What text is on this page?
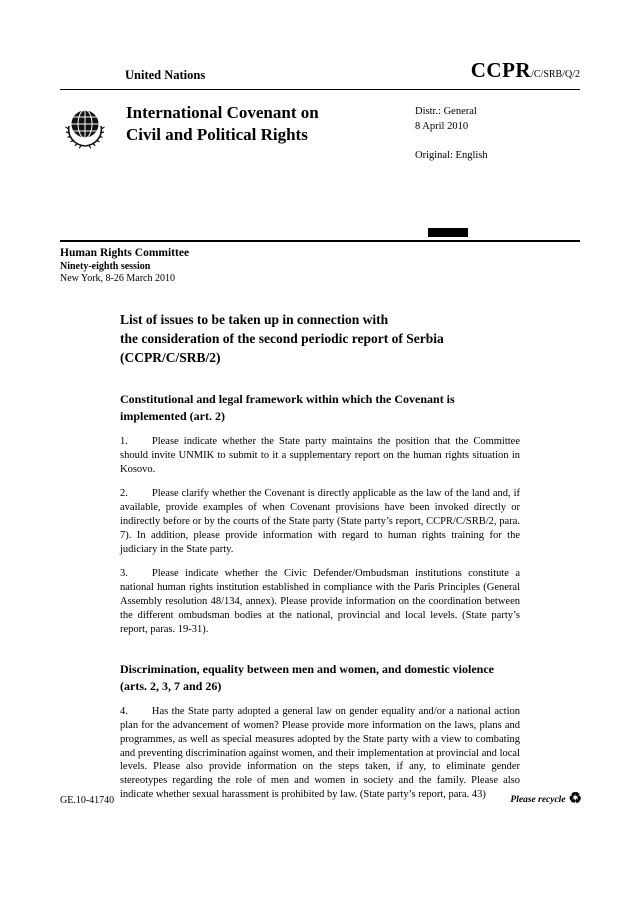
United Nations	CCPR/C/SRB/Q/2
International Covenant on Civil and Political Rights
Distr.: General
8 April 2010
Original: English
Human Rights Committee
Ninety-eighth session
New York, 8-26 March 2010
List of issues to be taken up in connection with
the consideration of the second periodic report of Serbia
(CCPR/C/SRB/2)
Constitutional and legal framework within which the Covenant is implemented (art. 2)

1. Please indicate whether the State party maintains the position that the Committee should invite UNMIK to submit to it a supplementary report on the human rights situation in Kosovo.

2. Please clarify whether the Covenant is directly applicable as the law of the land and, if available, provide examples of when Covenant provisions have been invoked directly or indirectly before or by the courts of the State party (State party’s report, CCPR/C/SRB/2, para. 7). In addition, please provide information with regard to human rights training for the judiciary in the State party.

3. Please indicate whether the Civic Defender/Ombudsman institutions constitute a national human rights institution established in compliance with the Paris Principles (General Assembly resolution 48/134, annex). Please provide information on the coordination between the different ombudsman bodies at the national, provincial and local levels. (State party’s report, paras. 19-31).

Discrimination, equality between men and women, and domestic violence (arts. 2, 3, 7 and 26)

4. Has the State party adopted a general law on gender equality and/or a national action plan for the advancement of women? Please provide more information on the laws, plans and programmes, as well as special measures adopted by the State party with a view to combating and preventing discrimination against women, and their implementation at provincial and local levels. Please also provide information on the steps taken, if any, to eliminate gender stereotypes regarding the role of men and women in society and the family. Please also indicate whether sexual harassment is prohibited by law. (State party’s report, para. 43)

GE.10-41740	Please recycle ♻
